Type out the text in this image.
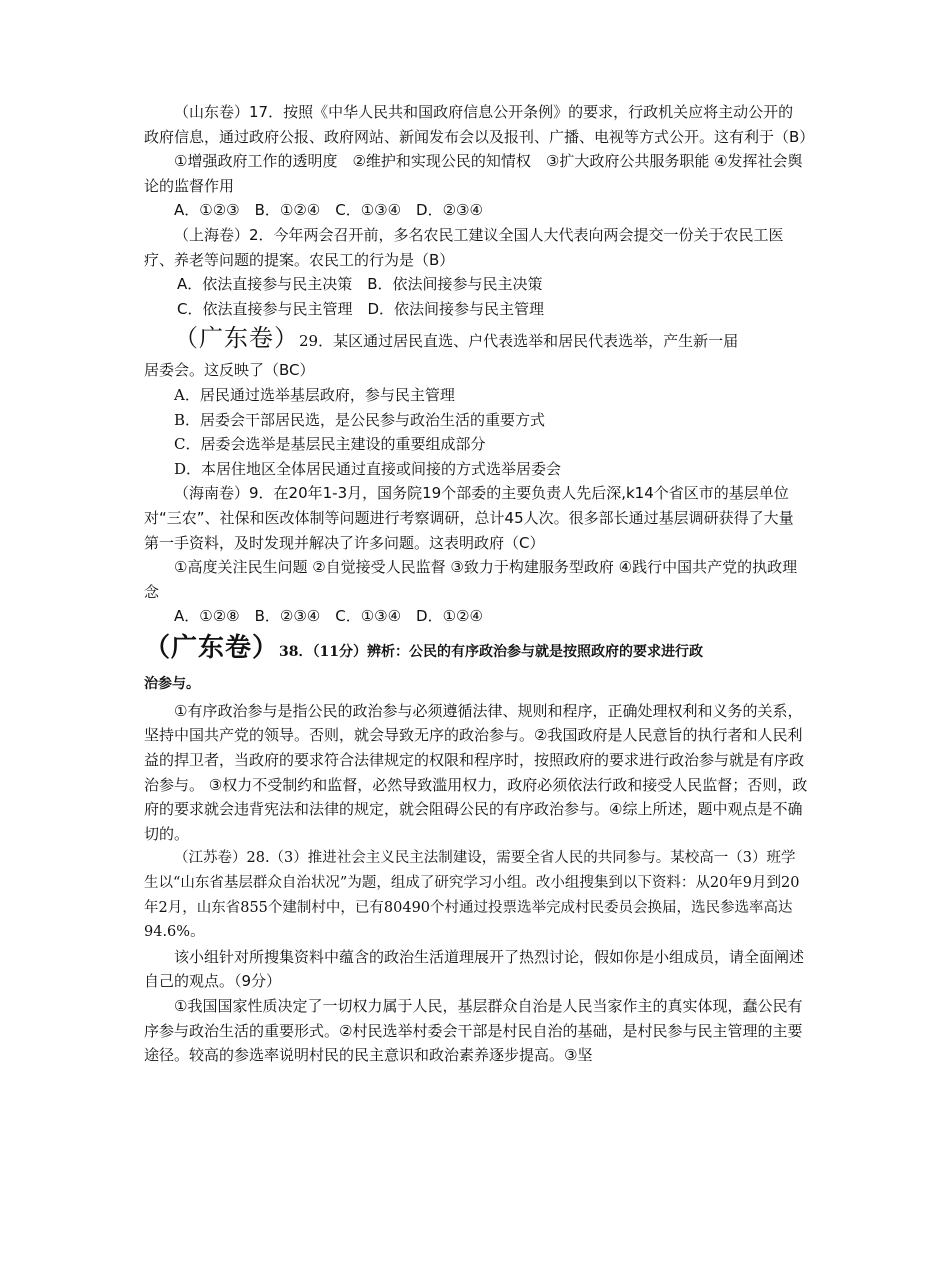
（山东卷）17．按照《中华人民共和国政府信息公开条例》的要求，行政机关应将主动公开的政府信息，通过政府公报、政府网站、新闻发布会以及报刊、广播、电视等方式公开。这有利于（B）

①增强政府工作的透明度　②维护和实现公民的知情权　③扩大政府公共服务职能 ④发挥社会舆论的监督作用

A．①②③　B．①②④　C．①③④　D．②③④

（上海卷）2．今年两会召开前，多名农民工建议全国人大代表向两会提交一份关于农民工医疗、养老等问题的提案。农民工的行为是（B）

A．依法直接参与民主决策　B．依法间接参与民主决策

C．依法直接参与民主管理　D．依法间接参与民主管理

（广东卷）29．某区通过居民直选、户代表选举和居民代表选举，产生新一届

居委会。这反映了（BC）

A．居民通过选举基层政府，参与民主管理

B．居委会干部居民选，是公民参与政治生活的重要方式

C．居委会选举是基层民主建设的重要组成部分

D．本居住地区全体居民通过直接或间接的方式选举居委会

（海南卷）9．在20年1-3月，国务院19个部委的主要负责人先后深,k14个省区市的基层单位 对“三农”、社保和医改体制等问题进行考察调研，总计45人次。很多部长通过基层调研获得了大量第一手资料，及时发现并解决了许多问题。这表明政府（C）

①高度关注民生问题 ②自觉接受人民监督 ③致力于构建服务型政府 ④践行中国共产党的执政理念

A．①②⑧　B．②③④　C．①③④　D．①②④

（广东卷）38．（11分）辨析：公民的有序政治参与就是按照政府的要求进行政

治参与。

①有序政治参与是指公民的政治参与必须遵循法律、规则和程序，正确处理权利和义务的关系，坚持中国共产党的领导。否则，就会导致无序的政治参与。②我国政府是人民意旨的执行者和人民利益的捍卫者，当政府的要求符合法律规定的权限和程序时，按照政府的要求进行政治参与就是有序政治参与。 ③权力不受制约和监督，必然导致滥用权力，政府必须依法行政和接受人民监督；否则，政府的要求就会违背宪法和法律的规定，就会阻碍公民的有序政治参与。④综上所述，题中观点是不确切的。

（江苏卷）28.（3）推进社会主义民主法制建设，需要全省人民的共同参与。某校高一（3）班学生以“山东省基层群众自治状况”为题，组成了研究学习小组。改小组搜集到以下资料：从20年9月到20年2月，山东省855个建制村中，已有80490个村通过投票选举完成村民委员会换届，选民参选率高达94.6%。

该小组针对所搜集资料中蕴含的政治生活道理展开了热烈讨论，假如你是小组成员，请全面阐述自己的观点。（9分）

①我国国家性质决定了一切权力属于人民，基层群众自治是人民当家作主的真实体现，蠢公民有序参与政治生活的重要形式。②村民选举村委会干部是村民自治的基础，是村民参与民主管理的主要途径。较高的参选率说明村民的民主意识和政治素养逐步提高。③坚
